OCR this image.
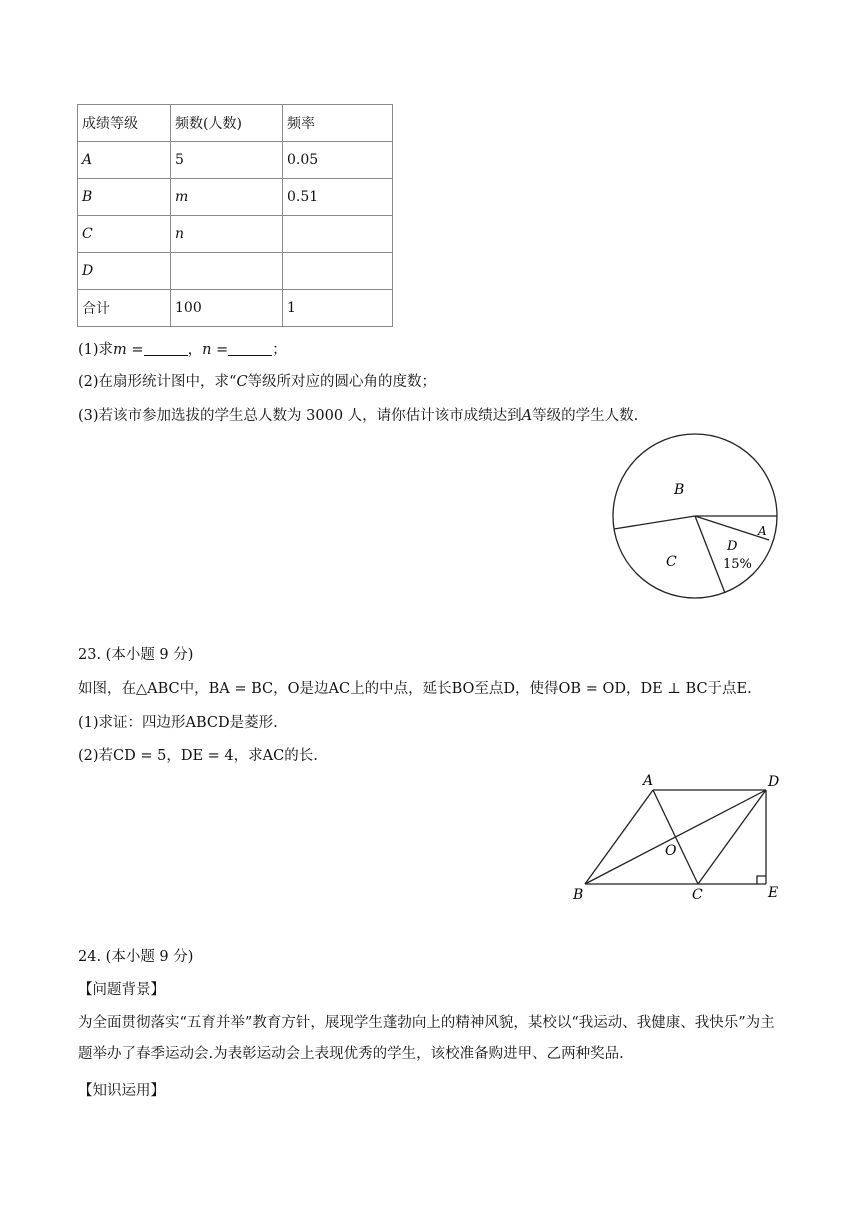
成绩等级	频数(人数)	频率
A	5	0.05
B	m	0.51
C	n	
D		
合计	100	1
(1)求m =	，n =	；
(2)在扇形统计图中，求“C等级所对应的圆心角的度数；
(3)若该市参加选拔的学生总人数为 3000 人，请你估计该市成绩达到A等级的学生人数.
B
A
C
D
15%
23. (本小题 9 分)
如图，在△ABC中，BA = BC，O是边AC上的中点，延长BO至点D，使得OB = OD，DE ⊥ BC于点E.
(1)求证：四边形ABCD是菱形.
(2)若CD = 5，DE = 4，求AC的长.
A	D
O
B	C	E
24. (本小题 9 分)
【问题背景】
为全面贯彻落实“五育并举”教育方针，展现学生蓬勃向上的精神风貌，某校以“我运动、我健康、我快乐”为主题举办了春季运动会.为表彰运动会上表现优秀的学生，该校准备购进甲、乙两种奖品.
【知识运用】
